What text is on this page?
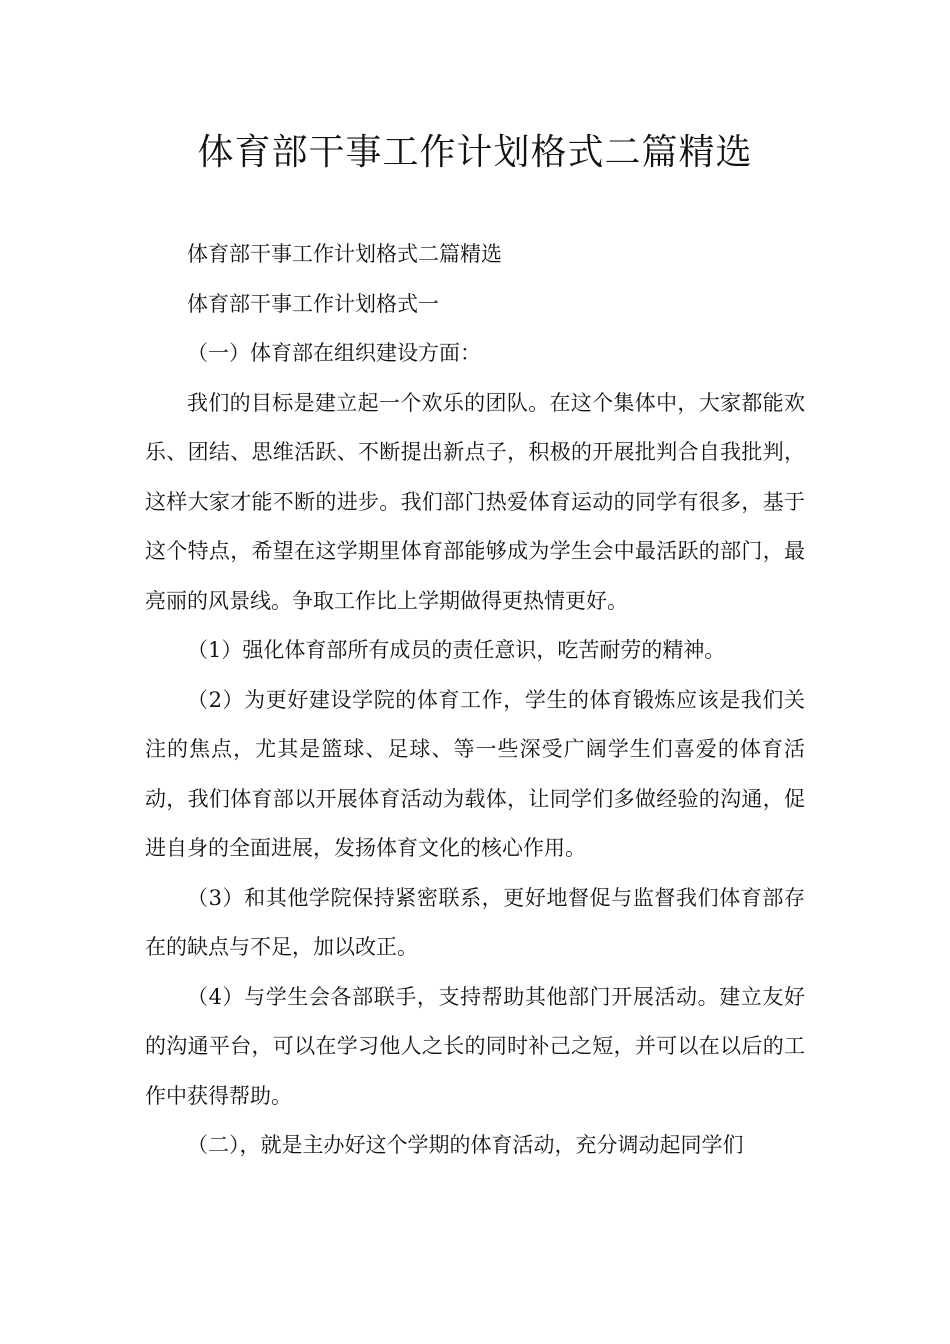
体育部干事工作计划格式二篇精选

体育部干事工作计划格式二篇精选

体育部干事工作计划格式一

（一）体育部在组织建设方面：

我们的目标是建立起一个欢乐的团队。在这个集体中，大家都能欢乐、团结、思维活跃、不断提出新点子，积极的开展批判合自我批判，这样大家才能不断的进步。我们部门热爱体育运动的同学有很多，基于这个特点，希望在这学期里体育部能够成为学生会中最活跃的部门，最亮丽的风景线。争取工作比上学期做得更热情更好。

（1）强化体育部所有成员的责任意识，吃苦耐劳的精神。

（2）为更好建设学院的体育工作，学生的体育锻炼应该是我们关注的焦点，尤其是篮球、足球、等一些深受广阔学生们喜爱的体育活动，我们体育部以开展体育活动为载体，让同学们多做经验的沟通，促进自身的全面进展，发扬体育文化的核心作用。

（3）和其他学院保持紧密联系，更好地督促与监督我们体育部存在的缺点与不足，加以改正。

（4）与学生会各部联手，支持帮助其他部门开展活动。建立友好的沟通平台，可以在学习他人之长的同时补己之短，并可以在以后的工作中获得帮助。

（二），就是主办好这个学期的体育活动，充分调动起同学们
